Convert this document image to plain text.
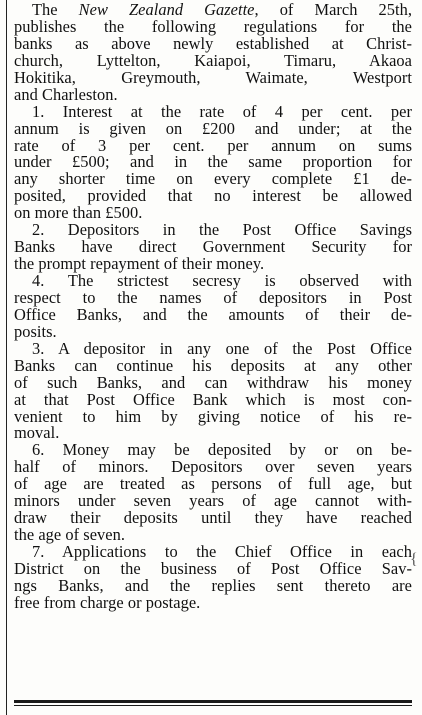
{
The New Zealand Gazette, of March 25th,
publishes the following regulations for the
banks as above newly established at Christ-
church, Lyttelton, Kaiapoi, Timaru, Akaoa
Hokitika, Greymouth, Waimate, Westport
and Charleston.
1. Interest at the rate of 4 per cent. per
annum is given on £200 and under; at the
rate of 3 per cent. per annum on sums
under £500; and in the same proportion for
any shorter time on every complete £1 de-
posited, provided that no interest be allowed
on more than £500.
2. Depositors in the Post Office Savings
Banks have direct Government Security for
the prompt repayment of their money.
4. The strictest secresy is observed with
respect to the names of depositors in Post
Office Banks, and the amounts of their de-
posits.
3. A depositor in any one of the Post Office
Banks can continue his deposits at any other
of such Banks, and can withdraw his money
at that Post Office Bank which is most con-
venient to him by giving notice of his re-
moval.
6. Money may be deposited by or on be-
half of minors. Depositors over seven years
of age are treated as persons of full age, but
minors under seven years of age cannot with-
draw their deposits until they have reached
the age of seven.
7. Applications to the Chief Office in each
District on the business of Post Office Sav-
ngs Banks, and the replies sent thereto are
free from charge or postage.
